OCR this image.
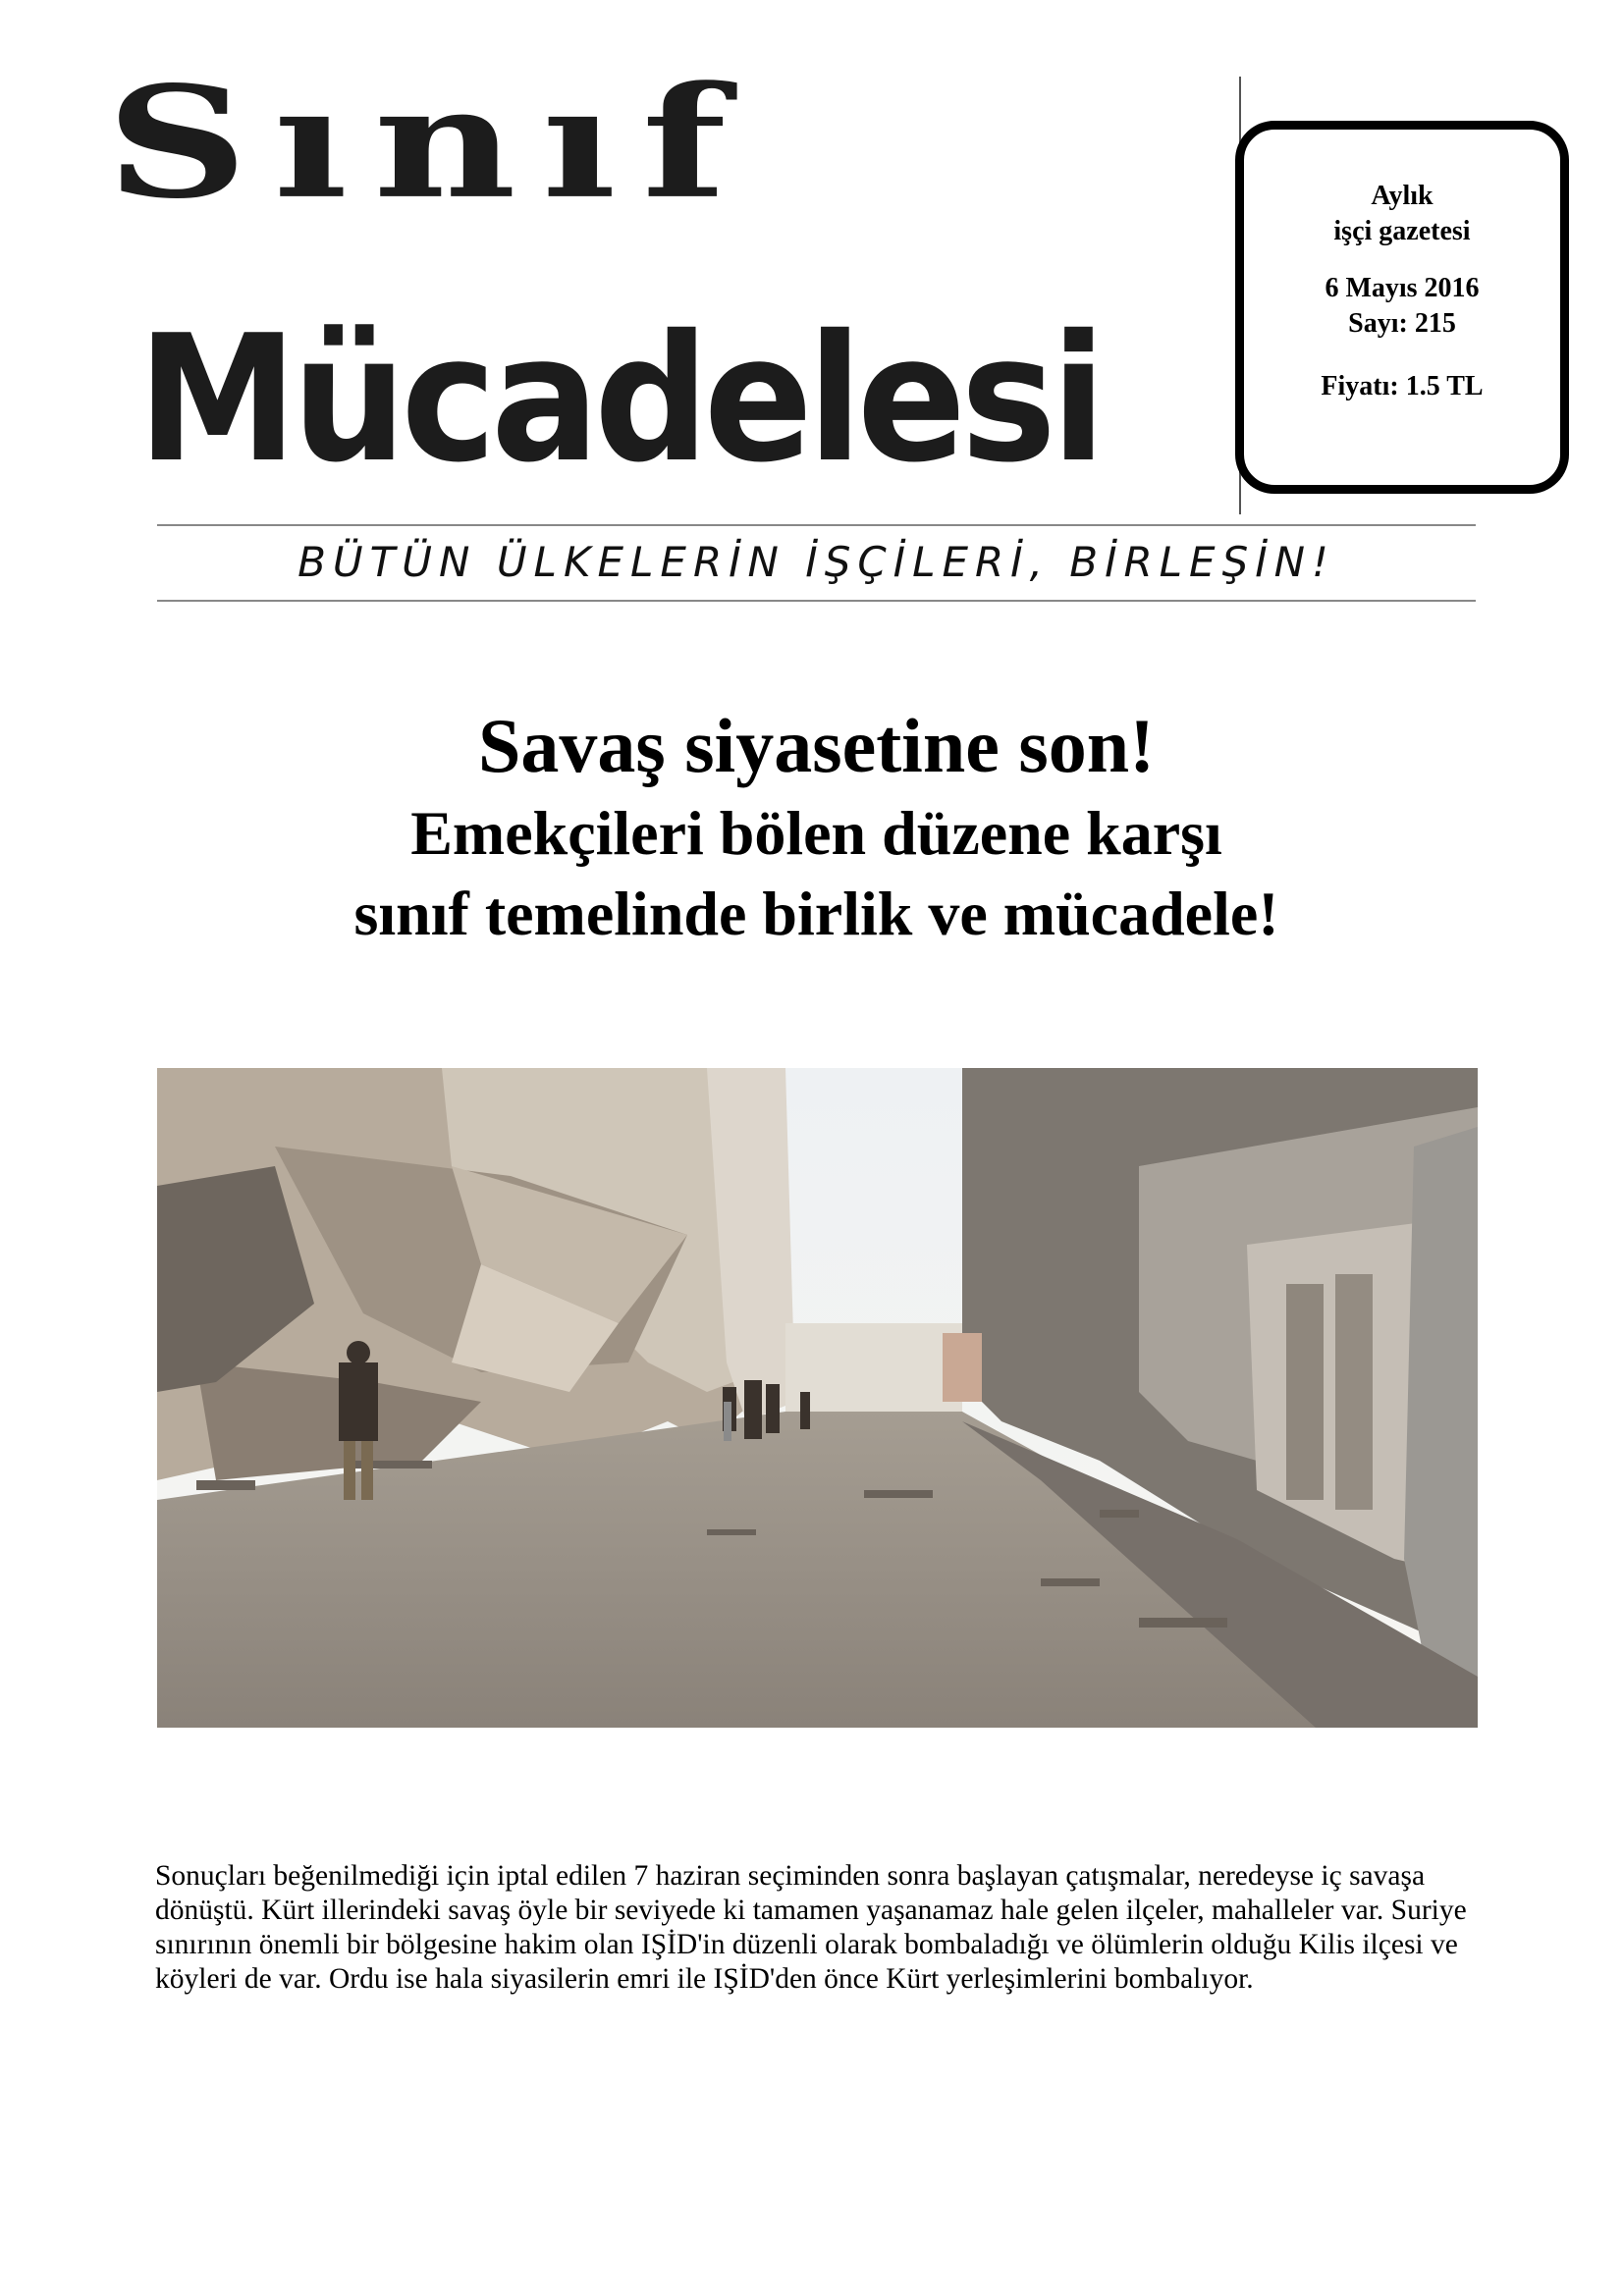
Sınıf
Mücadelesi
Aylık
işçi gazetesi
6 Mayıs 2016
Sayı: 215
Fiyatı: 1.5 TL
BÜTÜN ÜLKELERİN İŞÇİLERİ, BİRLEŞİN!
Savaş siyasetine son!
Emekçileri bölen düzene karşı
sınıf temelinde birlik ve mücadele!
Sonuçları beğenilmediği için iptal edilen 7 haziran seçiminden sonra başlayan çatışmalar, neredeyse iç savaşa dönüştü. Kürt illerindeki savaş öyle bir seviyede ki tamamen yaşanamaz hale gelen ilçeler, mahalleler var. Suriye sınırının önemli bir bölgesine hakim olan IŞİD'in düzenli olarak bombaladığı ve ölümlerin olduğu Kilis ilçesi ve köyleri de var. Ordu ise hala siyasilerin emri ile IŞİD'den önce Kürt yerleşimlerini bombalıyor.
